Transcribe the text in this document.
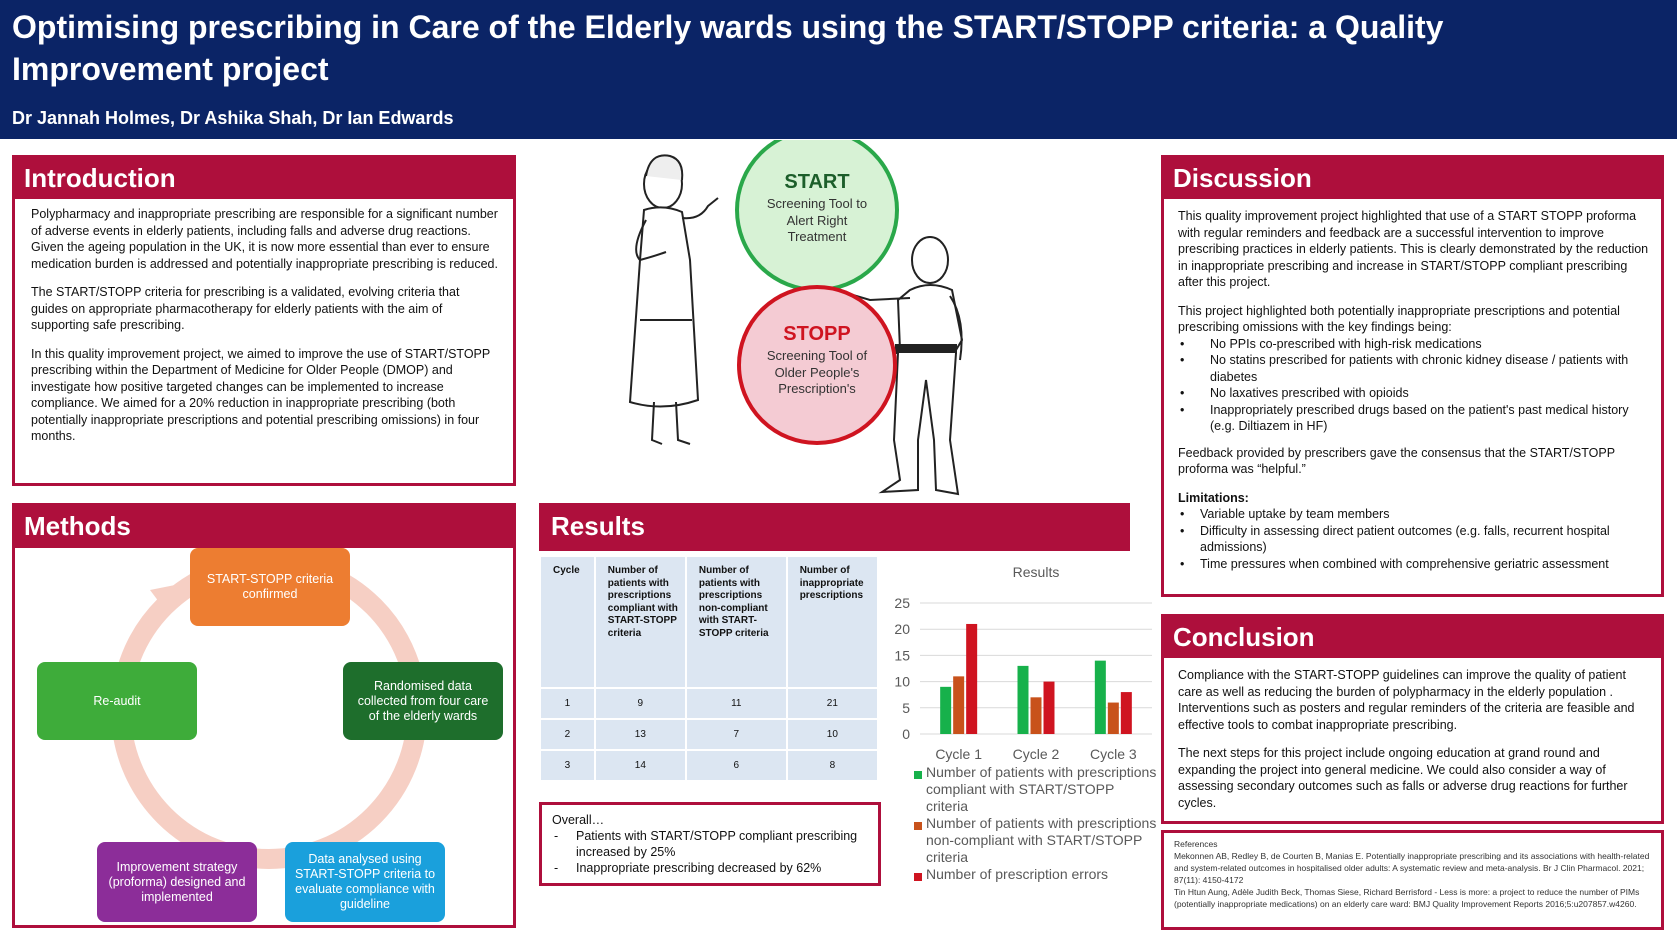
Optimising prescribing in Care of the Elderly wards using the START/STOPP criteria: a Quality Improvement project
Dr Jannah Holmes, Dr Ashika Shah, Dr Ian Edwards
Introduction

Polypharmacy and inappropriate prescribing are responsible for a significant number of adverse events in elderly patients, including falls and adverse drug reactions. Given the ageing population in the UK, it is now more essential than ever to ensure medication burden is addressed and potentially inappropriate prescribing is reduced.

The START/STOPP criteria for prescribing is a validated, evolving criteria that guides on appropriate pharmacotherapy for elderly patients with the aim of supporting safe prescribing.

In this quality improvement project, we aimed to improve the use of START/STOPP prescribing within the Department of Medicine for Older People (DMOP) and investigate how positive targeted changes can be implemented to increase compliance. We aimed for a 20% reduction in inappropriate prescribing (both potentially inappropriate prescriptions and potential prescribing omissions) in four months.

START
Screening Tool to Alert Right Treatment
STOPP
Screening Tool of Older People's Prescription's
Methods
START-STOPP criteria confirmed
Randomised data collected from four care of the elderly wards
Data analysed using START-STOPP criteria to evaluate compliance with guideline
Improvement strategy (proforma) designed and implemented
Re-audit
Results
Cycle	Number of patients with prescriptions compliant with START-STOPP criteria	Number of patients with prescriptions non-compliant with START-STOPP criteria	Number of inappropriate prescriptions
1	9	11	21
2	13	7	10
3	14	6	8
Overall…
- Patients with START/STOPP compliant prescribing increased by 25%
- Inappropriate prescribing decreased by 62%
Results
0
5
10
15
20
25
Cycle 1 Cycle 2 Cycle 3
Number of patients with prescriptions compliant with START/STOPP criteria
Number of patients with prescriptions non-compliant with START/STOPP criteria
Number of prescription errors
Discussion

This quality improvement project highlighted that use of a START STOPP proforma with regular reminders and feedback are a successful intervention to improve prescribing practices in elderly patients. This is clearly demonstrated by the reduction in inappropriate prescribing and increase in START/STOPP compliant prescribing after this project.

This project highlighted both potentially inappropriate prescriptions and potential prescribing omissions with the key findings being:

• No PPIs co-prescribed with high-risk medications
• No statins prescribed for patients with chronic kidney disease / patients with diabetes
• No laxatives prescribed with opioids
• Inappropriately prescribed drugs based on the patient's past medical history (e.g. Diltiazem in HF)

Feedback provided by prescribers gave the consensus that the START/STOPP proforma was “helpful.”

Limitations:
• Variable uptake by team members
• Difficulty in assessing direct patient outcomes (e.g. falls, recurrent hospital admissions)
• Time pressures when combined with comprehensive geriatric assessment
Conclusion

Compliance with the START-STOPP guidelines can improve the quality of patient care as well as reducing the burden of polypharmacy in the elderly population . Interventions such as posters and regular reminders of the criteria are feasible and effective tools to combat inappropriate prescribing.

The next steps for this project include ongoing education at grand round and expanding the project into general medicine. We could also consider a way of assessing secondary outcomes such as falls or adverse drug reactions for further cycles.

References
Mekonnen AB, Redley B, de Courten B, Manias E. Potentially inappropriate prescribing and its associations with health-related and system-related outcomes in hospitalised older adults: A systematic review and meta-analysis. Br J Clin Pharmacol. 2021; 87(11): 4150-4172
Tin Htun Aung, Adèle Judith Beck, Thomas Siese, Richard Berrisford - Less is more: a project to reduce the number of PIMs (potentially inappropriate medications) on an elderly care ward: BMJ Quality Improvement Reports 2016;5:u207857.w4260.
